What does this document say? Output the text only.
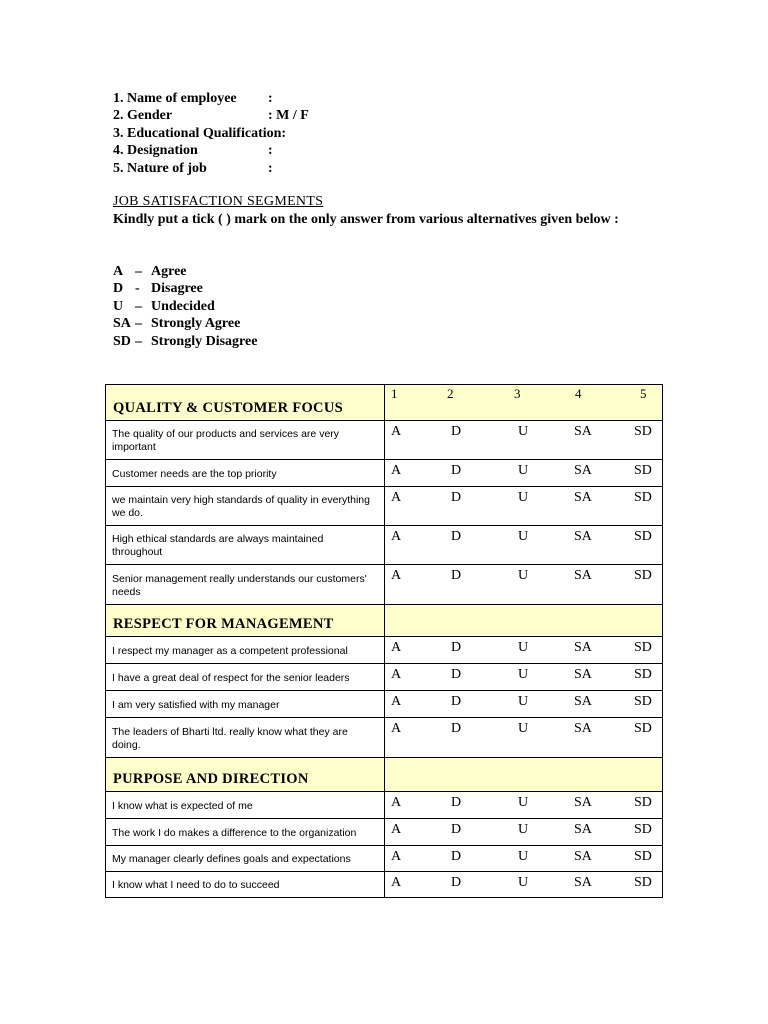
1. Name of employee :
2. Gender	: M / F
3. Educational Qualification:
4. Designation	:
5. Nature of job	:
JOB SATISFACTION SEGMENTS
Kindly put a tick ( ) mark on the only answer from various alternatives given below :
A – Agree
D - Disagree
U – Undecided
SA – Strongly Agree
SD – Strongly Disagree
QUALITY & CUSTOMER FOCUS
1	2	3	4	5
The quality of our products and services are very important
A	D	U	SA	SD
Customer needs are the top priority	A	D	U	SA	SD
we maintain very high standards of quality in everything we do.
A	D	U	SA	SD
High ethical standards are always maintained throughout
A	D	U	SA	SD
Senior management really understands our customers' needs
A	D	U	SA	SD
RESPECT FOR MANAGEMENT
I respect my manager as a competent professional	A	D	U	SA	SD
I have a great deal of respect for the senior leaders	A	D	U	SA	SD
I am very satisfied with my manager	A	D	U	SA	SD
The leaders of Bharti ltd. really know what they are doing.
A	D	U	SA	SD
PURPOSE AND DIRECTION
I know what is expected of me	A	D	U	SA	SD
The work I do makes a difference to the organization	A	D	U	SA	SD
My manager clearly defines goals and expectations	A	D	U	SA	SD
I know what I need to do to succeed	A	D	U	SA	SD
